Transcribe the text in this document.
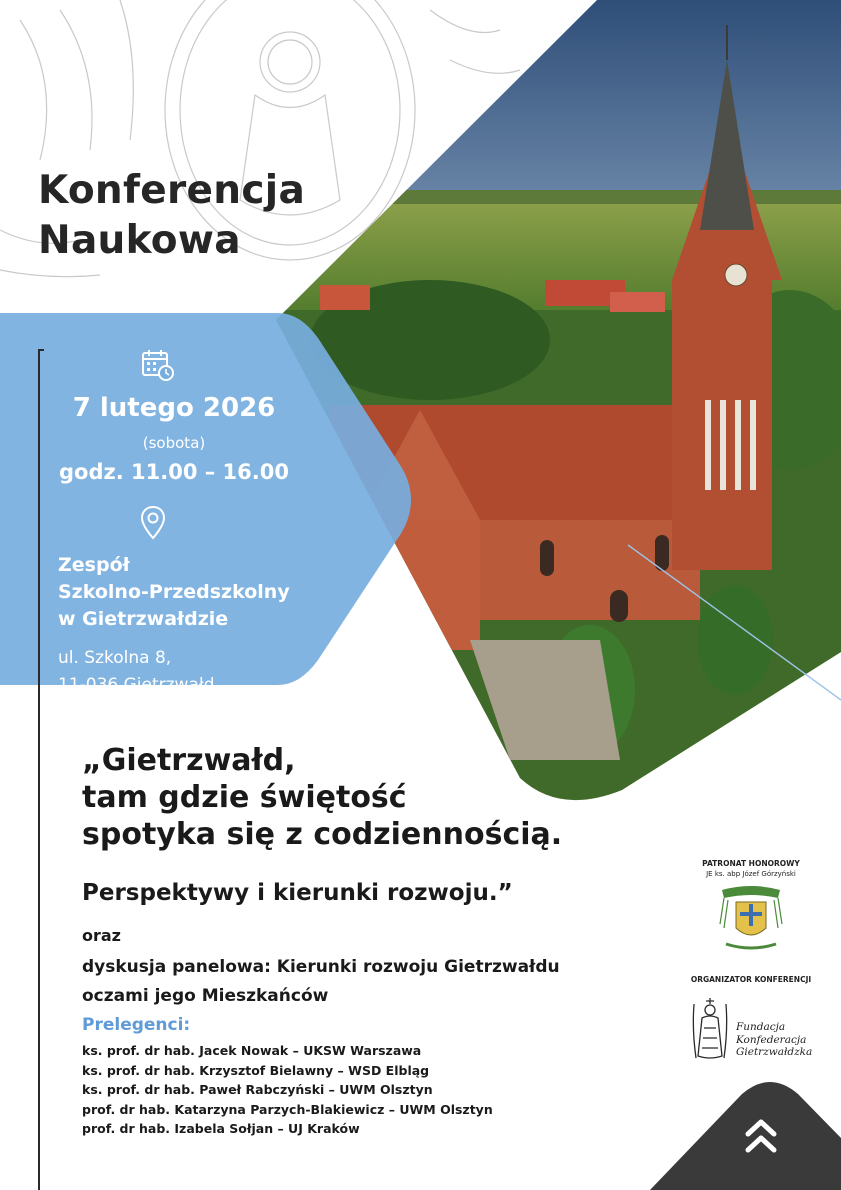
Konferencja
Naukowa
7 lutego 2026
(sobota)
godz. 11.00 – 16.00
Zespół
Szkolno-Przedszkolny
w Gietrzwałdzie
ul. Szkolna 8,
11-036 Gietrzwałd
„Gietrzwałd,
tam gdzie świętość
spotyka się z codziennością.
Perspektywy i kierunki rozwoju.”
oraz
dyskusja panelowa: Kierunki rozwoju Gietrzwałdu
oczami jego Mieszkańców
Prelegenci:
ks. prof. dr hab. Jacek Nowak – UKSW Warszawa
ks. prof. dr hab. Krzysztof Bielawny – WSD Elbląg
ks. prof. dr hab. Paweł Rabczyński – UWM Olsztyn
prof. dr hab. Katarzyna Parzych-Blakiewicz – UWM Olsztyn
prof. dr hab. Izabela Sołjan – UJ Kraków
PATRONAT HONOROWY
JE ks. abp Józef Górzyński
ORGANIZATOR KONFERENCJI
Fundacja
Konfederacja
Gietrzwałdzka
